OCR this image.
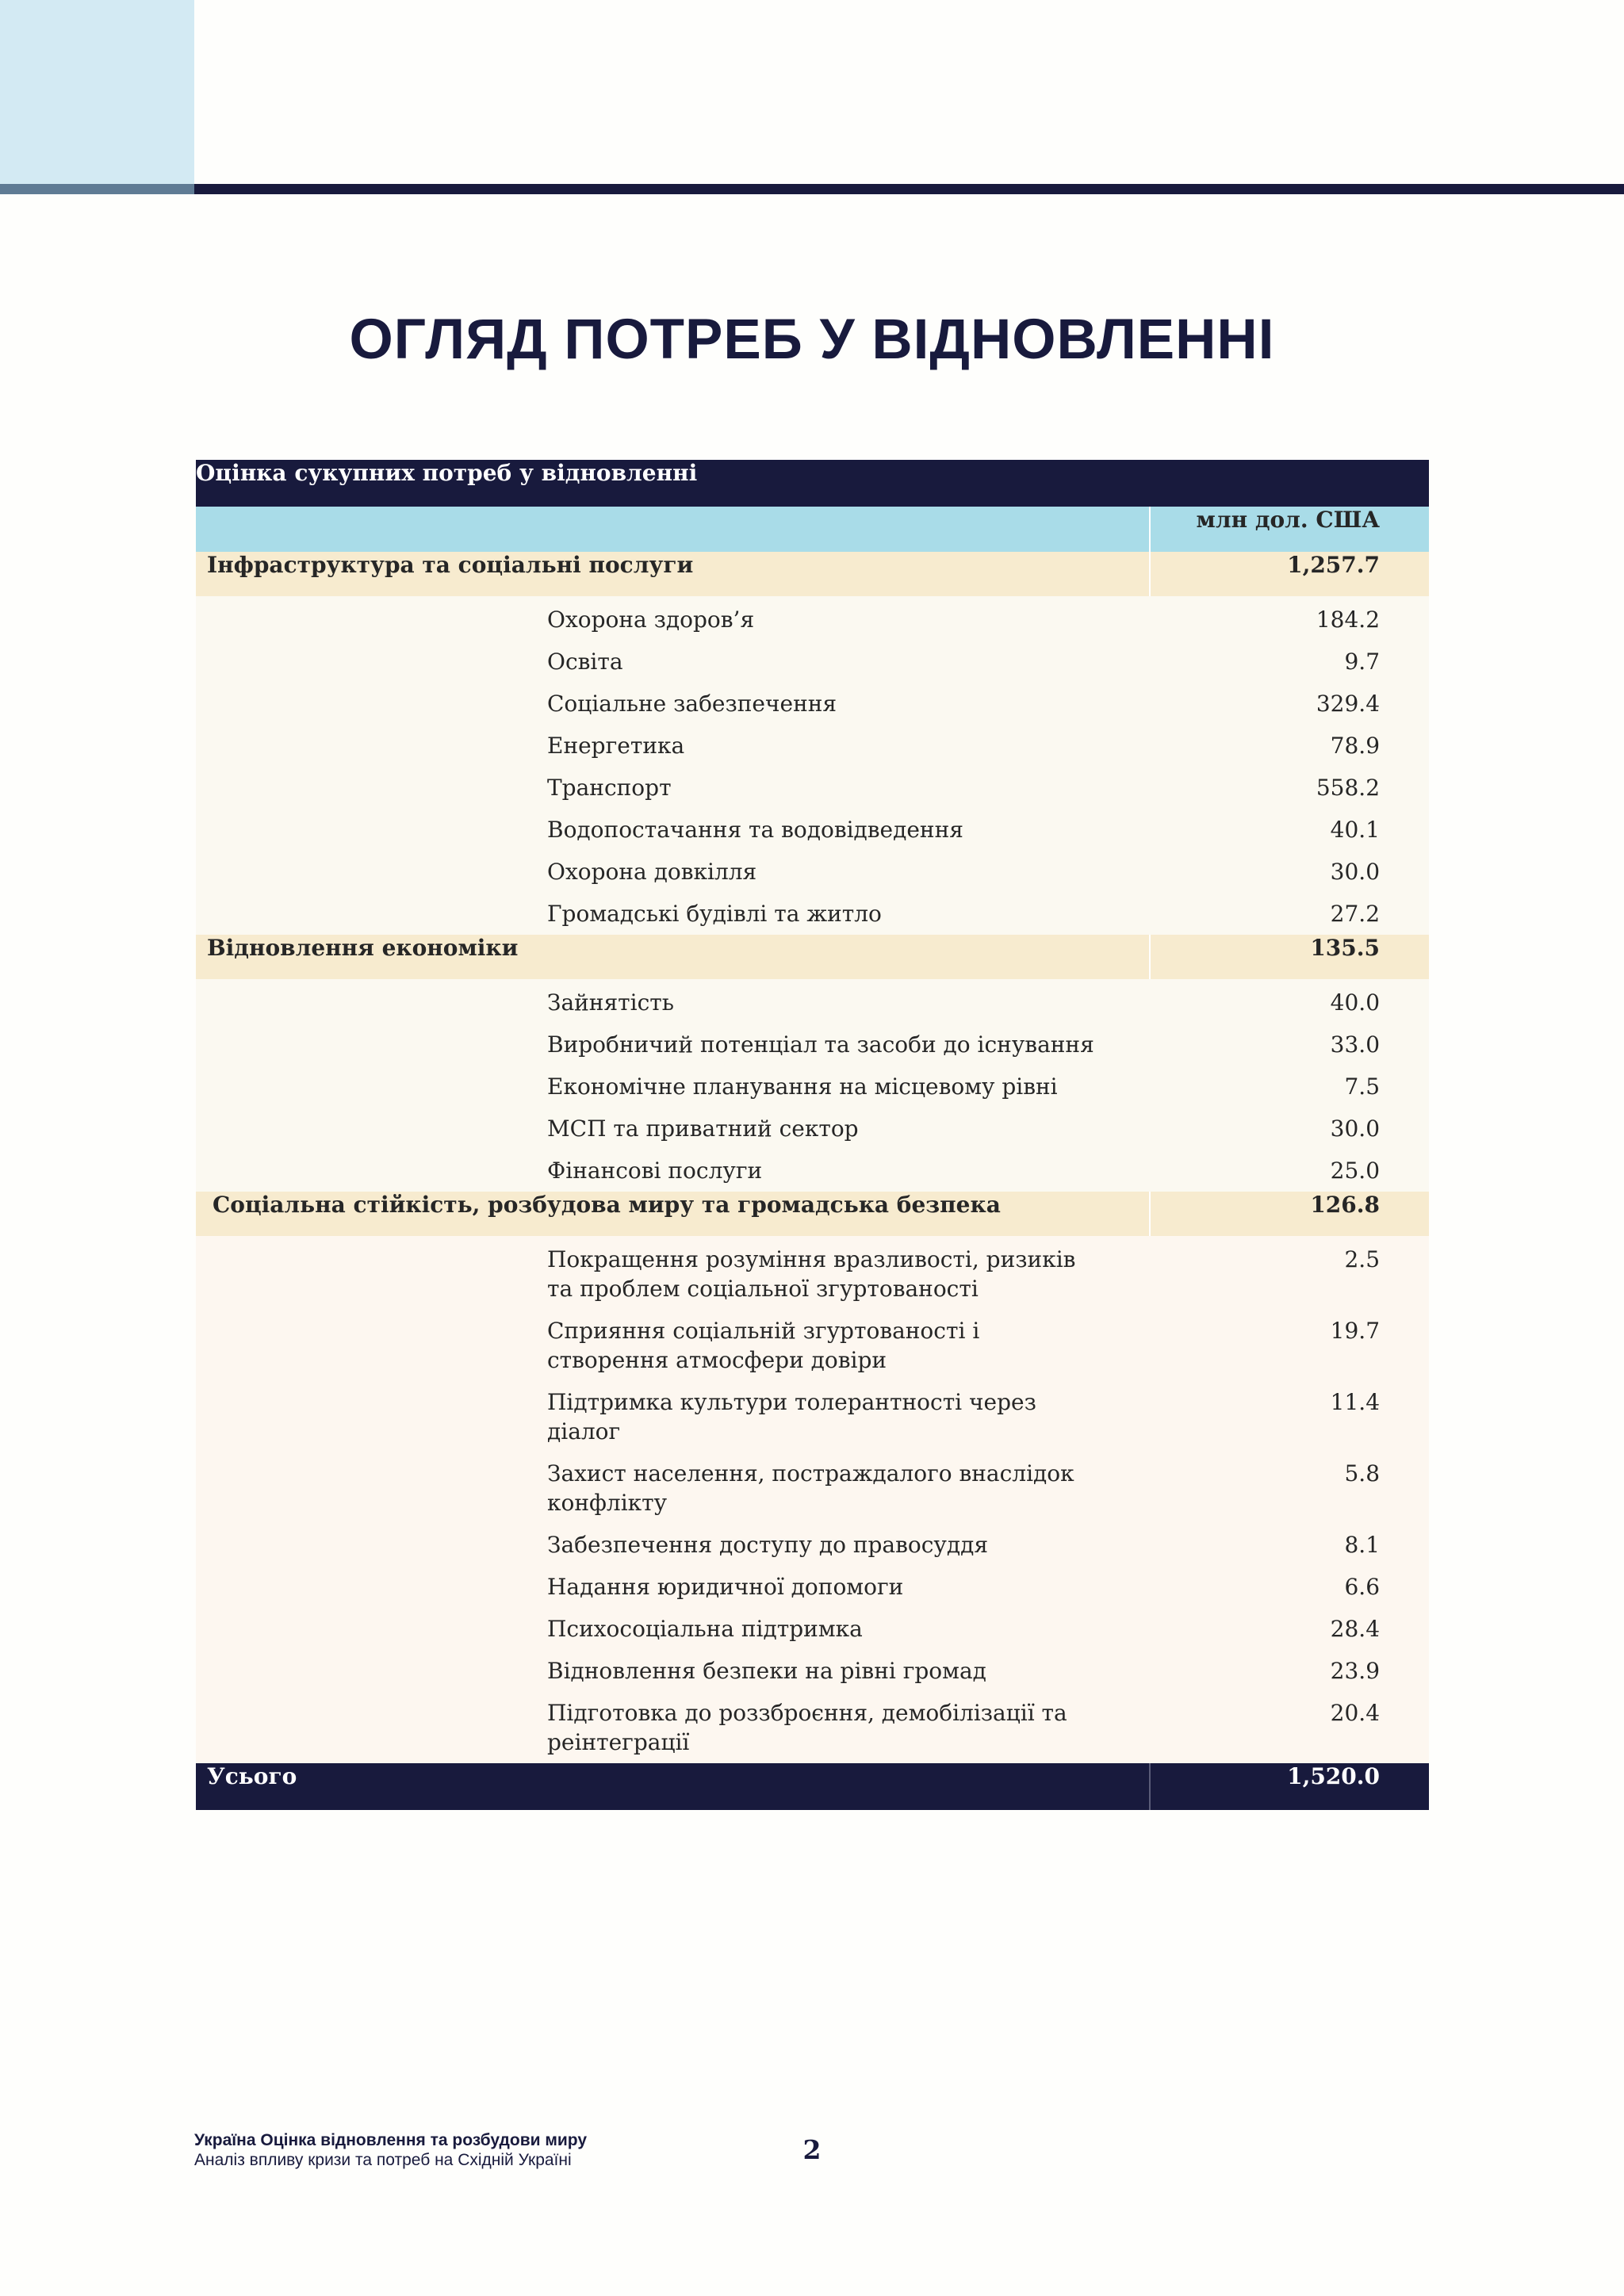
ОГЛЯД ПОТРЕБ У ВІДНОВЛЕННІ
Оцінка сукупних потреб у відновленні	
	млн дол. США
Інфраструктура та соціальні послуги	1,257.7
Охорона здоров’я	184.2
Освіта	9.7
Соціальне забезпечення	329.4
Енергетика	78.9
Транспорт	558.2
Водопостачання та водовідведення	40.1
Охорона довкілля	30.0
Громадські будівлі та житло	27.2
Відновлення економіки	135.5
Зайнятість	40.0
Виробничий потенціал та засоби до існування	33.0
Економічне планування на місцевому рівні	7.5
МСП та приватний сектор	30.0
Фінансові послуги	25.0
Соціальна стійкість, розбудова миру та громадська безпека	126.8
Покращення розуміння вразливості, ризиків та проблем соціальної згуртованості	2.5
Сприяння соціальній згуртованості і створення атмосфери довіри	19.7
Підтримка культури толерантності через діалог	11.4
Захист населення, постраждалого внаслідок конфлікту	5.8
Забезпечення доступу до правосуддя	8.1
Надання юридичної допомоги	6.6
Психосоціальна підтримка	28.4
Відновлення безпеки на рівні громад	23.9
Підготовка до роззброєння, демобілізації та реінтеграції	20.4
Усього	1,520.0
Україна Оцінка відновлення та розбудови миру
Аналіз впливу кризи та потреб на Східній Україні	2
